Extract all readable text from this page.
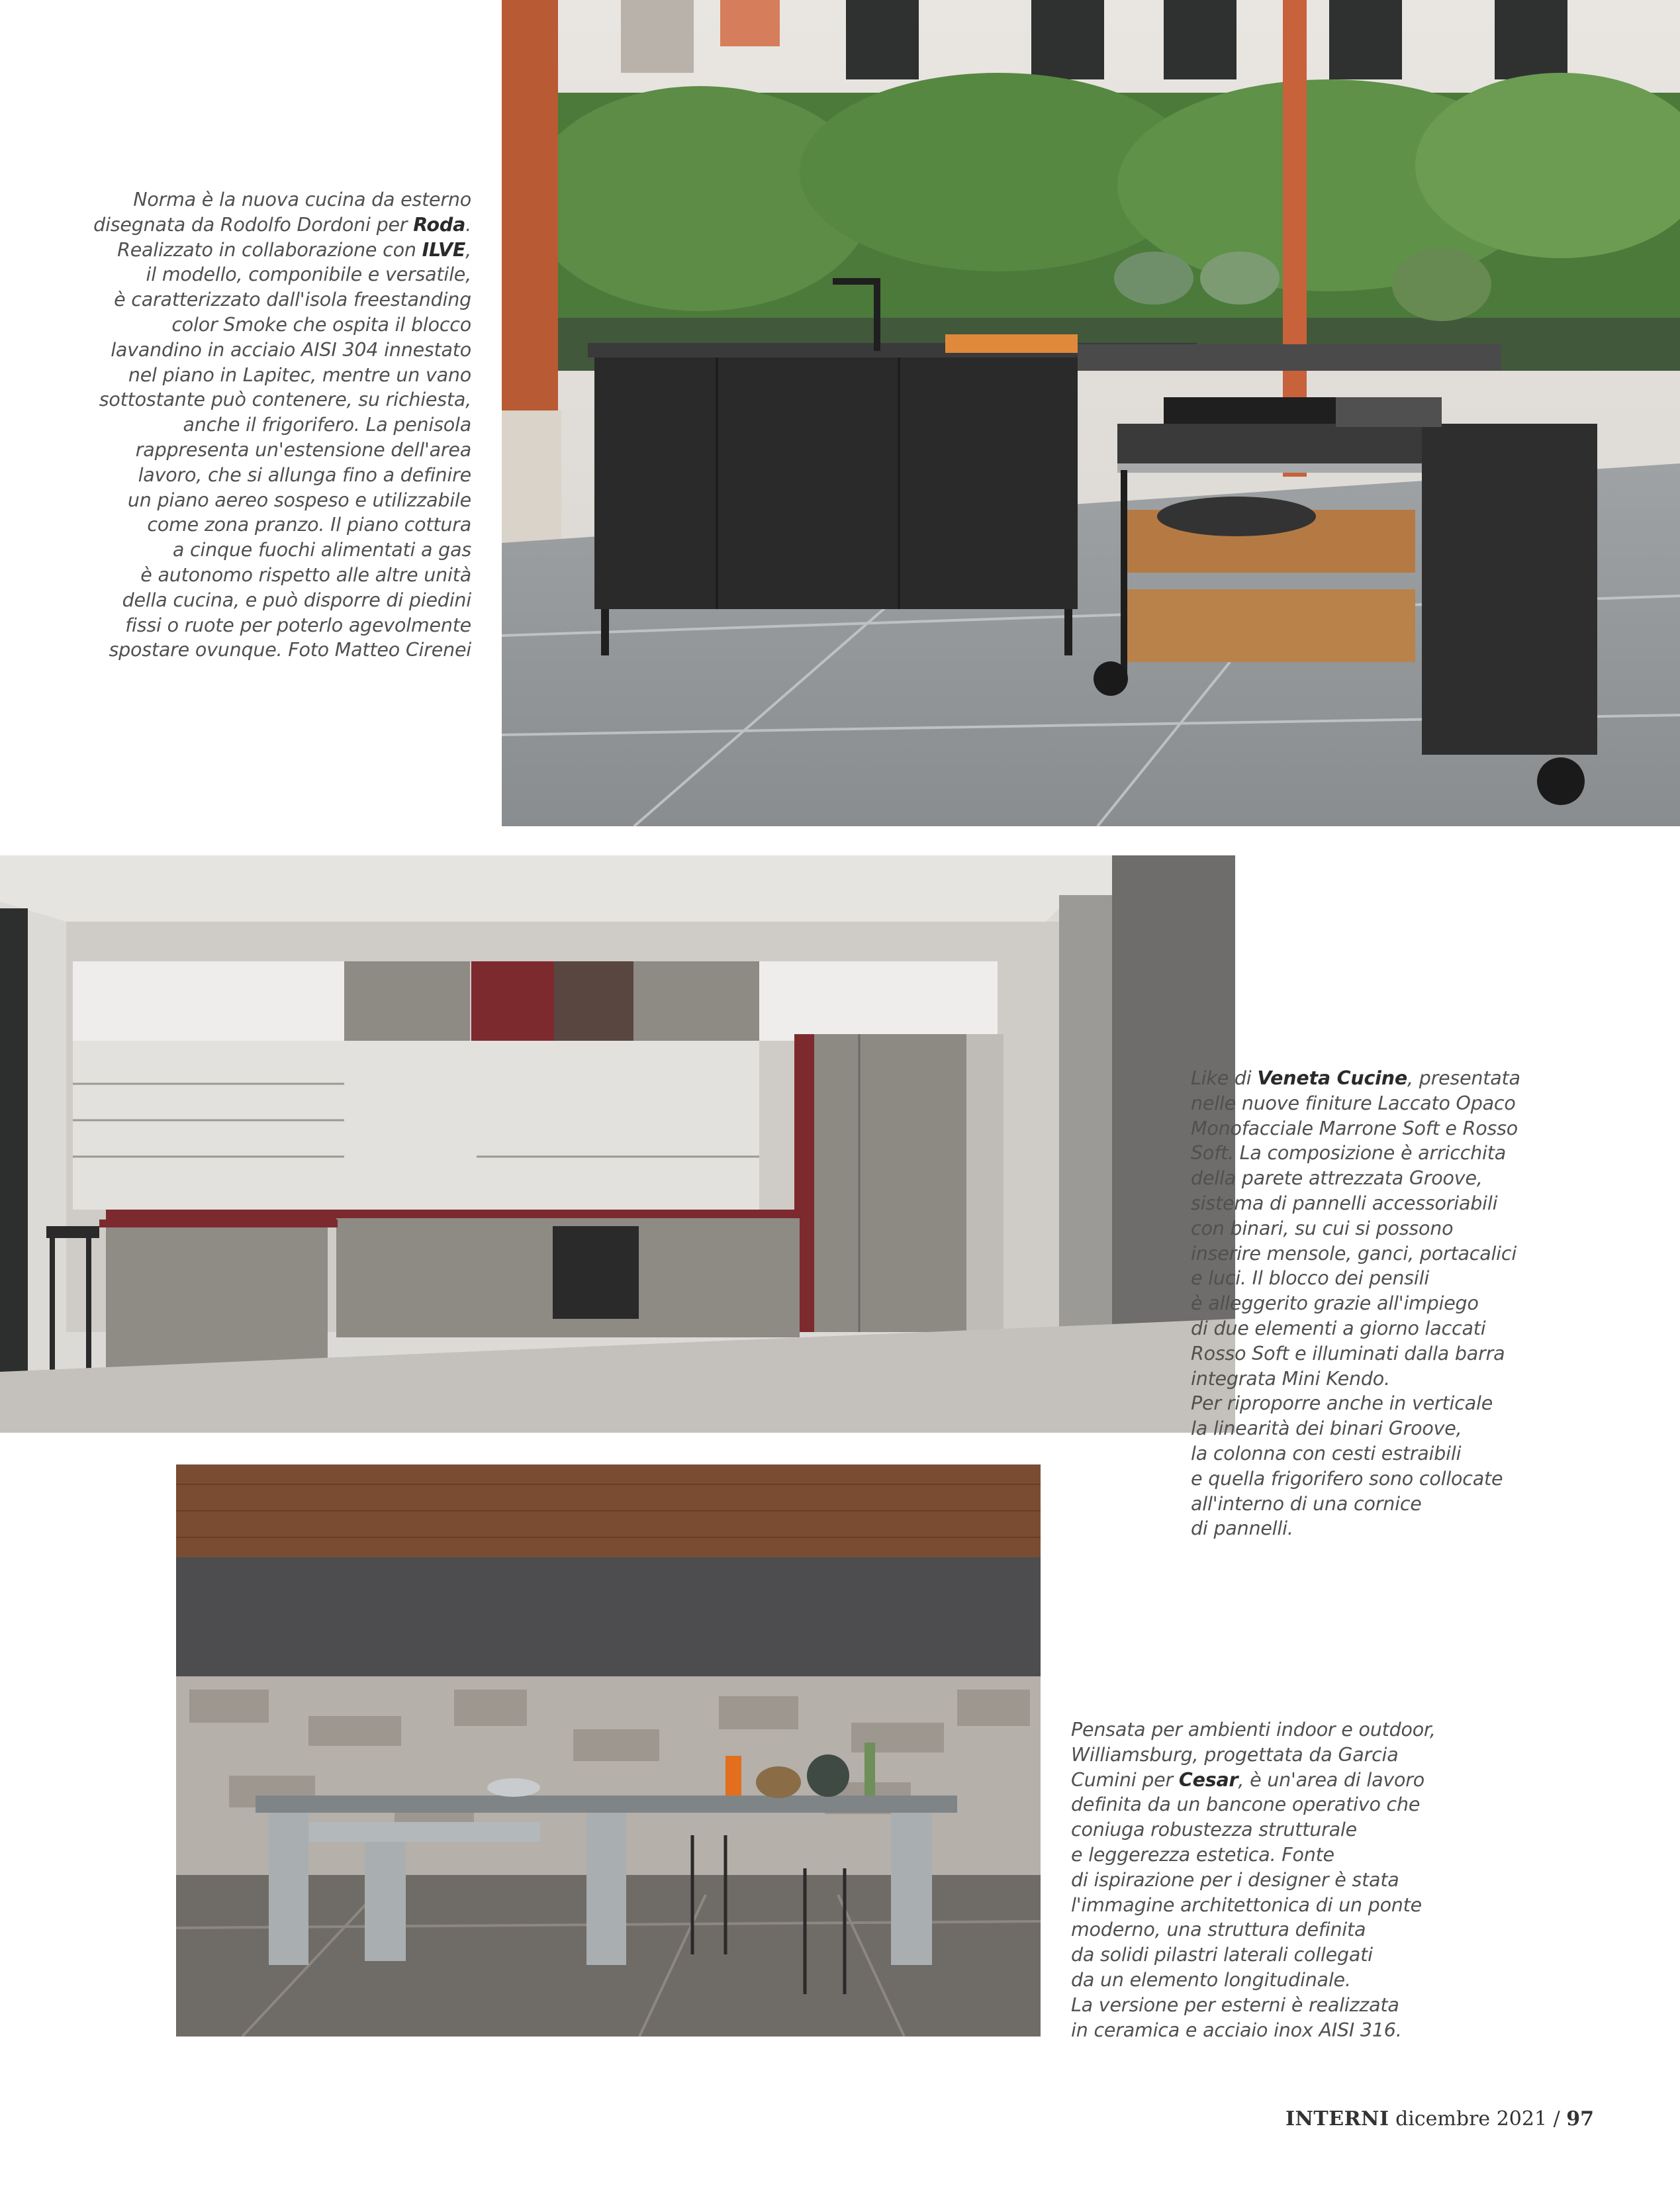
Norma è la nuova cucina da esterno
disegnata da Rodolfo Dordoni per Roda.
Realizzato in collaborazione con ILVE,
il modello, componibile e versatile,
è caratterizzato dall'isola freestanding
color Smoke che ospita il blocco
lavandino in acciaio AISI 304 innestato
nel piano in Lapitec, mentre un vano
sottostante può contenere, su richiesta,
anche il frigorifero. La penisola
rappresenta un'estensione dell'area
lavoro, che si allunga fino a definire
un piano aereo sospeso e utilizzabile
come zona pranzo. Il piano cottura
a cinque fuochi alimentati a gas
è autonomo rispetto alle altre unità
della cucina, e può disporre di piedini
fissi o ruote per poterlo agevolmente
spostare ovunque. Foto Matteo Cirenei
Like di Veneta Cucine, presentata
nelle nuove finiture Laccato Opaco
Monofacciale Marrone Soft e Rosso
Soft. La composizione è arricchita
della parete attrezzata Groove,
sistema di pannelli accessoriabili
con binari, su cui si possono
inserire mensole, ganci, portacalici
e luci. Il blocco dei pensili
è alleggerito grazie all'impiego
di due elementi a giorno laccati
Rosso Soft e illuminati dalla barra
integrata Mini Kendo.
Per riproporre anche in verticale
la linearità dei binari Groove,
la colonna con cesti estraibili
e quella frigorifero sono collocate
all'interno di una cornice
di pannelli.
Pensata per ambienti indoor e outdoor,
Williamsburg, progettata da Garcia
Cumini per Cesar, è un'area di lavoro
definita da un bancone operativo che
coniuga robustezza strutturale
e leggerezza estetica. Fonte
di ispirazione per i designer è stata
l'immagine architettonica di un ponte
moderno, una struttura definita
da solidi pilastri laterali collegati
da un elemento longitudinale.
La versione per esterni è realizzata
in ceramica e acciaio inox AISI 316.
INTERNI dicembre 2021 / 97
